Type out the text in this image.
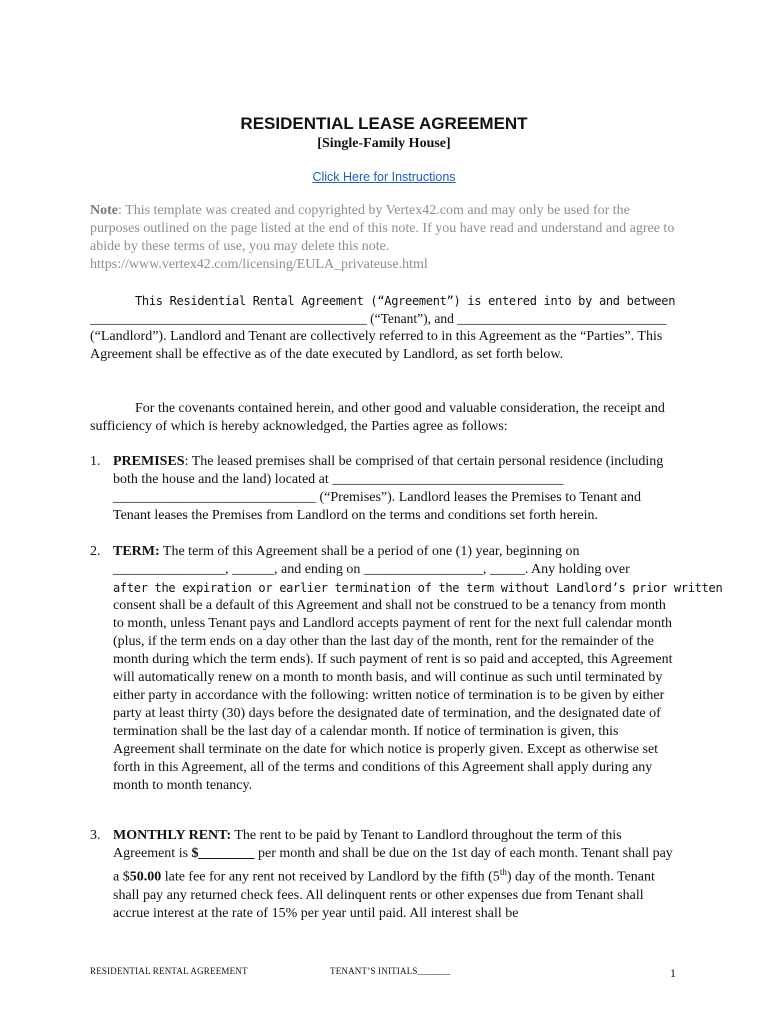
RESIDENTIAL LEASE AGREEMENT
[Single-Family House]
Click Here for Instructions
Note: This template was created and copyrighted by Vertex42.com and may only be used for the purposes outlined on the page listed at the end of this note. If you have read and understand and agree to abide by these terms of use, you may delete this note. https://www.vertex42.com/licensing/EULA_privateuse.html
This Residential Rental Agreement (“Agreement”) is entered into by and between
_________________________________________ (“Tenant”), and _______________________________
(“Landlord”). Landlord and Tenant are collectively referred to in this Agreement as the “Parties”. This Agreement shall be effective as of the date executed by Landlord, as set forth below.
For the covenants contained herein, and other good and valuable consideration, the receipt and sufficiency of which is hereby acknowledged, the Parties agree as follows:
1. PREMISES: The leased premises shall be comprised of that certain personal residence (including both the house and the land) located at _________________________________ _____________________________ (“Premises”). Landlord leases the Premises to Tenant and Tenant leases the Premises from Landlord on the terms and conditions set forth herein.
2. TERM: The term of this Agreement shall be a period of one (1) year, beginning on ________________, ______, and ending on _________________, _____. Any holding over
after the expiration or earlier termination of the term without Landlord’s prior written
consent shall be a default of this Agreement and shall not be construed to be a tenancy from month to month, unless Tenant pays and Landlord accepts payment of rent for the next full calendar month (plus, if the term ends on a day other than the last day of the month, rent for the remainder of the month during which the term ends). If such payment of rent is so paid and accepted, this Agreement will automatically renew on a month to month basis, and will continue as such until terminated by either party in accordance with the following: written notice of termination is to be given by either party at least thirty (30) days before the designated date of termination, and the designated date of termination shall be the last day of a calendar month. If notice of termination is given, this Agreement shall terminate on the date for which notice is properly given. Except as otherwise set forth in this Agreement, all of the terms and conditions of this Agreement shall apply during any month to month tenancy.
3. MONTHLY RENT: The rent to be paid by Tenant to Landlord throughout the term of this Agreement is $________ per month and shall be due on the 1st day of each month. Tenant shall pay a $50.00 late fee for any rent not received by Landlord by the fifth (5th) day of the month. Tenant shall pay any returned check fees. All delinquent rents or other expenses due from Tenant shall accrue interest at the rate of 15% per year until paid. All interest shall be
RESIDENTIAL RENTAL AGREEMENT	TENANT’S INITIALS_______	1
